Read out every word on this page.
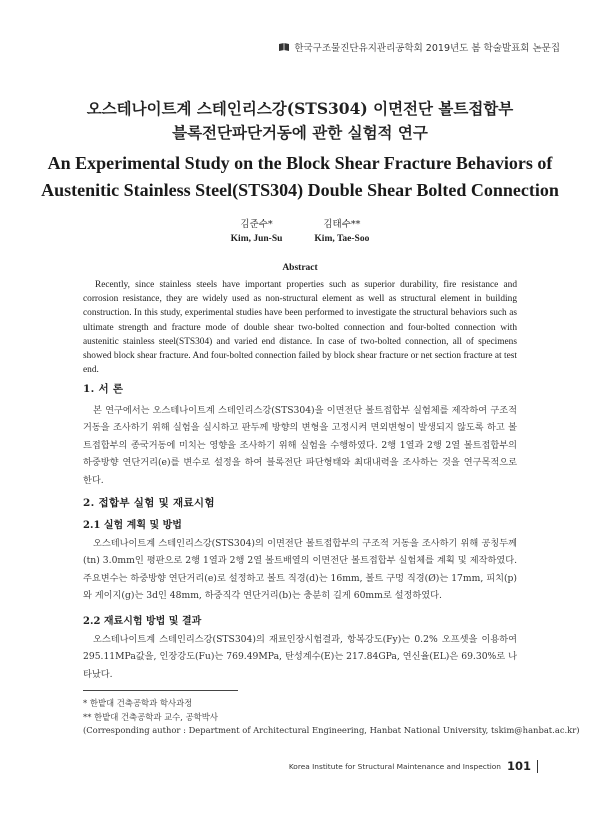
한국구조물진단유지관리공학회 2019년도 봄 학술발표회 논문집
오스테나이트계 스테인리스강(STS304) 이면전단 볼트접합부
블록전단파단거동에 관한 실험적 연구
An Experimental Study on the Block Shear Fracture Behaviors of
Austenitic Stainless Steel(STS304) Double Shear Bolted Connection
김준수*
Kim, Jun-Su
김태수**
Kim, Tae-Soo
Abstract
Recently, since stainless steels have important properties such as superior durability, fire resistance and corrosion resistance, they are widely used as non-structural element as well as structural element in building construction. In this study, experimental studies have been performed to investigate the structural behaviors such as ultimate strength and fracture mode of double shear two-bolted connection and four-bolted connection with austenitic stainless steel(STS304) and varied end distance. In case of two-bolted connection, all of specimens showed block shear fracture. And four-bolted connection failed by block shear fracture or net section fracture at test end.
1. 서 론
본 연구에서는 오스테나이트계 스테인리스강(STS304)을 이면전단 볼트접합부 실험체를 제작하여 구조적 거동을 조사하기 위해 실험을 실시하고 판두께 방향의 변형을 고정시켜 면외변형이 발생되지 않도록 하고 볼트접합부의 종국거동에 미치는 영향을 조사하기 위해 실험을 수행하였다. 2행 1열과 2행 2열 볼트접합부의 하중방향 연단거리(e)를 변수로 설정을 하여 블록전단 파단형태와 최대내력을 조사하는 것을 연구목적으로 한다.
2. 접합부 실험 및 재료시험
2.1 실험 계획 및 방법
오스테나이트계 스테인리스강(STS304)의 이면전단 볼트접합부의 구조적 거동을 조사하기 위해 공칭두께(tn) 3.0mm인 평판으로 2행 1열과 2행 2열 볼트배열의 이면전단 볼트접합부 실험체를 계획 및 제작하였다. 주요변수는 하중방향 연단거리(e)로 설정하고 볼트 직경(d)는 16mm, 볼트 구멍 직경(Ø)는 17mm, 피치(p)와 게이지(g)는 3d인 48mm, 하중직각 연단거리(b)는 충분히 길게 60mm로 설정하였다.
2.2 재료시험 방법 및 결과
오스테나이트계 스테인리스강(STS304)의 재료인장시험결과, 항복강도(Fy)는 0.2% 오프셋을 이용하여 295.11MPa값을, 인장강도(Fu)는 769.49MPa, 탄성계수(E)는 217.84GPa, 연신율(EL)은 69.30%로 나타났다.
* 한밭대 건축공학과 학사과정
** 한밭대 건축공학과 교수, 공학박사
(Corresponding author : Department of Architectural Engineering, Hanbat National University, tskim@hanbat.ac.kr)
Korea Institute for Structural Maintenance and Inspection 101
